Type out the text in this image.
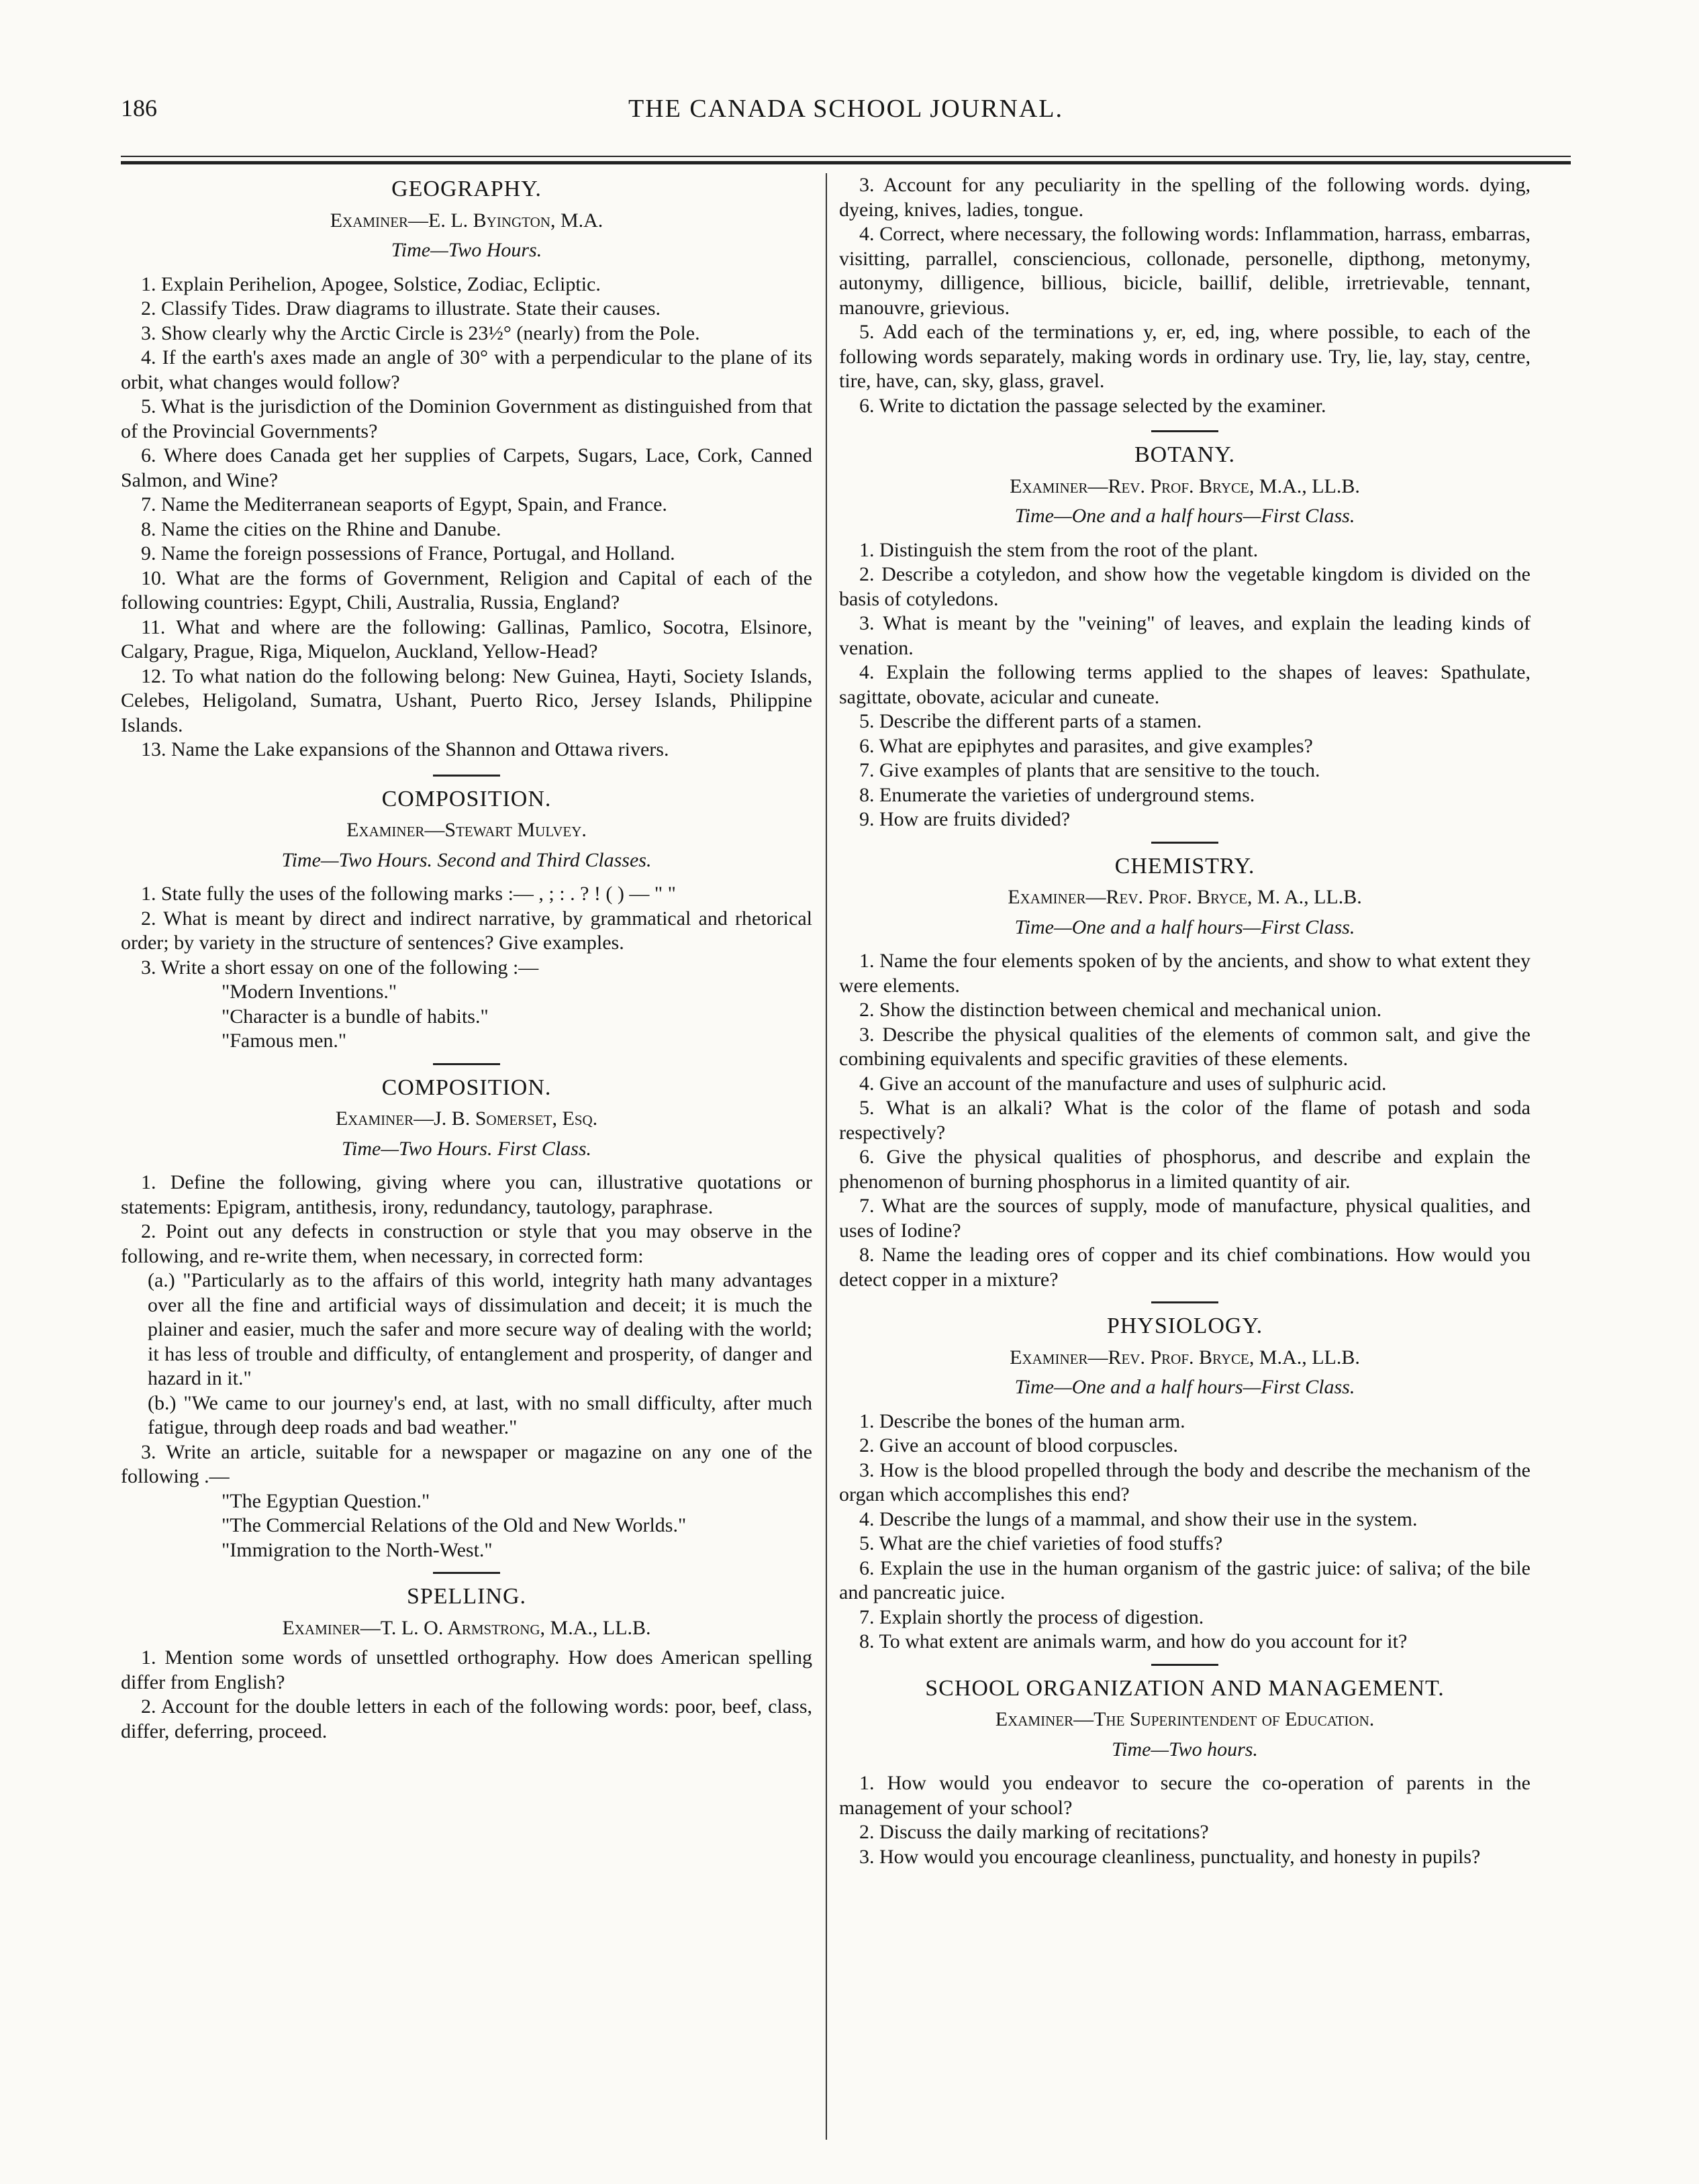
186	THE CANADA SCHOOL JOURNAL.
GEOGRAPHY.
Examiner—E. L. Byington, M.A.
Time—Two Hours.

1. Explain Perihelion, Apogee, Solstice, Zodiac, Ecliptic.

2. Classify Tides. Draw diagrams to illustrate. State their causes.

3. Show clearly why the Arctic Circle is 23½° (nearly) from the Pole.

4. If the earth's axes made an angle of 30° with a perpendicular to the plane of its orbit, what changes would follow?

5. What is the jurisdiction of the Dominion Government as distinguished from that of the Provincial Governments?

6. Where does Canada get her supplies of Carpets, Sugars, Lace, Cork, Canned Salmon, and Wine?

7. Name the Mediterranean seaports of Egypt, Spain, and France.

8. Name the cities on the Rhine and Danube.

9. Name the foreign possessions of France, Portugal, and Holland.

10. What are the forms of Government, Religion and Capital of each of the following countries: Egypt, Chili, Australia, Russia, England?

11. What and where are the following: Gallinas, Pamlico, Socotra, Elsinore, Calgary, Prague, Riga, Miquelon, Auckland, Yellow-Head?

12. To what nation do the following belong: New Guinea, Hayti, Society Islands, Celebes, Heligoland, Sumatra, Ushant, Puerto Rico, Jersey Islands, Philippine Islands.

13. Name the Lake expansions of the Shannon and Ottawa rivers.

COMPOSITION.
Examiner—Stewart Mulvey.
Time—Two Hours. Second and Third Classes.

1. State fully the uses of the following marks :— , ; : . ? ! ( ) — " "

2. What is meant by direct and indirect narrative, by grammatical and rhetorical order; by variety in the structure of sentences? Give examples.

3. Write a short essay on one of the following :—

"Modern Inventions."

"Character is a bundle of habits."

"Famous men."

COMPOSITION.
Examiner—J. B. Somerset, Esq.
Time—Two Hours. First Class.

1. Define the following, giving where you can, illustrative quotations or statements: Epigram, antithesis, irony, redundancy, tautology, paraphrase.

2. Point out any defects in construction or style that you may observe in the following, and re-write them, when necessary, in corrected form:

(a.) "Particularly as to the affairs of this world, integrity hath many advantages over all the fine and artificial ways of dissimulation and deceit; it is much the plainer and easier, much the safer and more secure way of dealing with the world; it has less of trouble and difficulty, of entanglement and prosperity, of danger and hazard in it."

(b.) "We came to our journey's end, at last, with no small difficulty, after much fatigue, through deep roads and bad weather."

3. Write an article, suitable for a newspaper or magazine on any one of the following .—

"The Egyptian Question."

"The Commercial Relations of the Old and New Worlds."

"Immigration to the North-West."

SPELLING.
Examiner—T. L. O. Armstrong, M.A., LL.B.

1. Mention some words of unsettled orthography. How does American spelling differ from English?

2. Account for the double letters in each of the following words: poor, beef, class, differ, deferring, proceed.

3. Account for any peculiarity in the spelling of the following words. dying, dyeing, knives, ladies, tongue.

4. Correct, where necessary, the following words: Inflammation, harrass, embarras, visitting, parrallel, consciencious, collonade, personelle, dipthong, metonymy, autonymy, dilligence, billious, bicicle, baillif, delible, irretrievable, tennant, manouvre, grievious.

5. Add each of the terminations y, er, ed, ing, where possible, to each of the following words separately, making words in ordinary use. Try, lie, lay, stay, centre, tire, have, can, sky, glass, gravel.

6. Write to dictation the passage selected by the examiner.

BOTANY.
Examiner—Rev. Prof. Bryce, M.A., LL.B.
Time—One and a half hours—First Class.

1. Distinguish the stem from the root of the plant.

2. Describe a cotyledon, and show how the vegetable kingdom is divided on the basis of cotyledons.

3. What is meant by the "veining" of leaves, and explain the leading kinds of venation.

4. Explain the following terms applied to the shapes of leaves: Spathulate, sagittate, obovate, acicular and cuneate.

5. Describe the different parts of a stamen.

6. What are epiphytes and parasites, and give examples?

7. Give examples of plants that are sensitive to the touch.

8. Enumerate the varieties of underground stems.

9. How are fruits divided?

CHEMISTRY.
Examiner—Rev. Prof. Bryce, M. A., LL.B.
Time—One and a half hours—First Class.

1. Name the four elements spoken of by the ancients, and show to what extent they were elements.

2. Show the distinction between chemical and mechanical union.

3. Describe the physical qualities of the elements of common salt, and give the combining equivalents and specific gravities of these elements.

4. Give an account of the manufacture and uses of sulphuric acid.

5. What is an alkali? What is the color of the flame of potash and soda respectively?

6. Give the physical qualities of phosphorus, and describe and explain the phenomenon of burning phosphorus in a limited quantity of air.

7. What are the sources of supply, mode of manufacture, physical qualities, and uses of Iodine?

8. Name the leading ores of copper and its chief combinations. How would you detect copper in a mixture?

PHYSIOLOGY.
Examiner—Rev. Prof. Bryce, M.A., LL.B.
Time—One and a half hours—First Class.

1. Describe the bones of the human arm.

2. Give an account of blood corpuscles.

3. How is the blood propelled through the body and describe the mechanism of the organ which accomplishes this end?

4. Describe the lungs of a mammal, and show their use in the system.

5. What are the chief varieties of food stuffs?

6. Explain the use in the human organism of the gastric juice: of saliva; of the bile and pancreatic juice.

7. Explain shortly the process of digestion.

8. To what extent are animals warm, and how do you account for it?

SCHOOL ORGANIZATION AND MANAGEMENT.
Examiner—The Superintendent of Education.
Time—Two hours.

1. How would you endeavor to secure the co-operation of parents in the management of your school?

2. Discuss the daily marking of recitations?

3. How would you encourage cleanliness, punctuality, and honesty in pupils?
